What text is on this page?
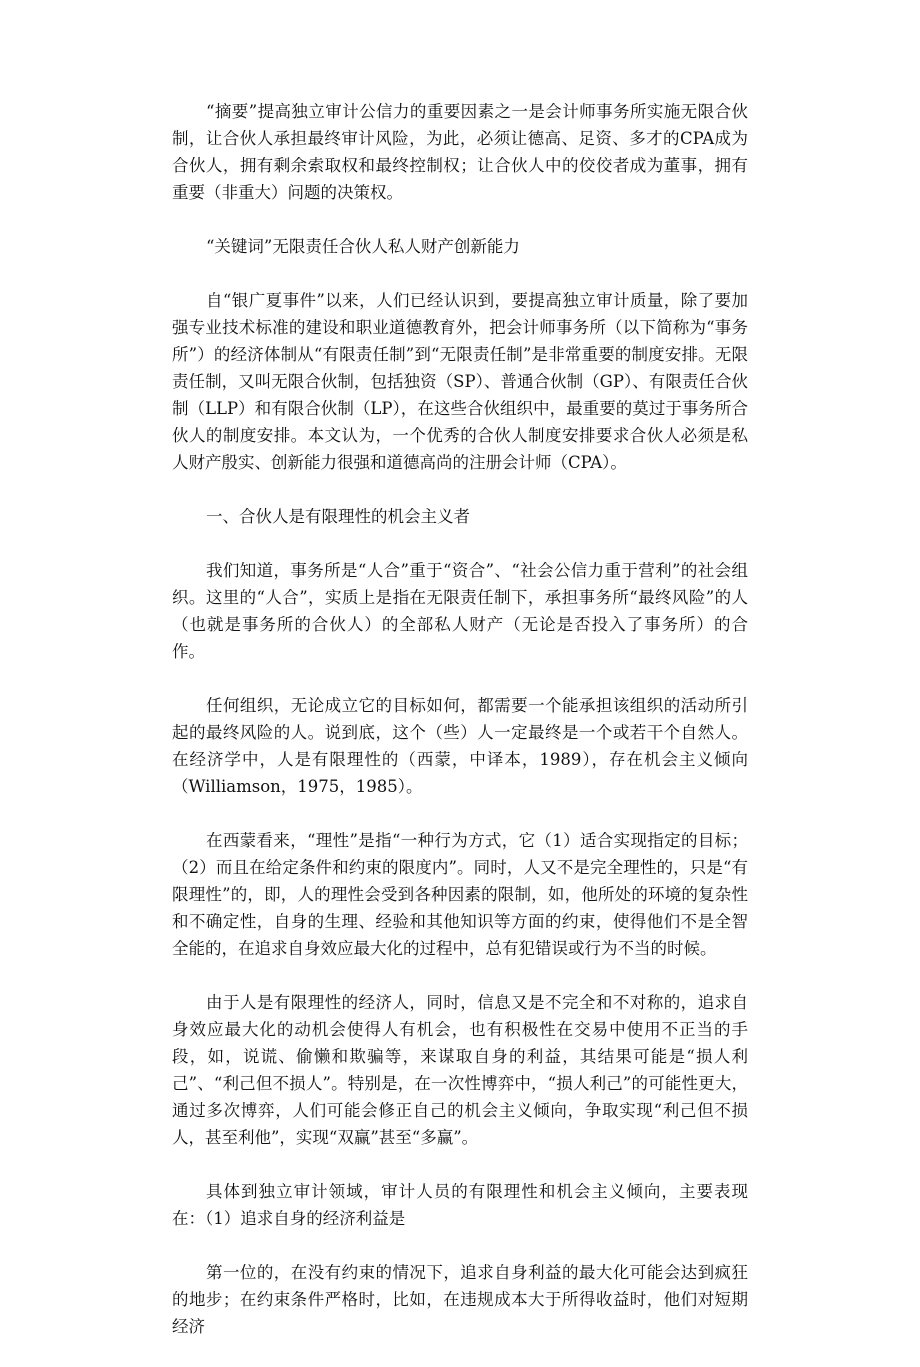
“摘要”提高独立审计公信力的重要因素之一是会计师事务所实施无限合伙制，让合伙人承担最终审计风险，为此，必须让德高、足资、多才的CPA成为合伙人，拥有剩余索取权和最终控制权；让合伙人中的佼佼者成为董事，拥有重要（非重大）问题的决策权。

“关键词”无限责任合伙人私人财产创新能力

自“银广夏事件”以来，人们已经认识到，要提高独立审计质量，除了要加强专业技术标准的建设和职业道德教育外，把会计师事务所（以下简称为“事务所”）的经济体制从“有限责任制”到“无限责任制”是非常重要的制度安排。无限责任制，又叫无限合伙制，包括独资（SP）、普通合伙制（GP）、有限责任合伙制（LLP）和有限合伙制（LP），在这些合伙组织中，最重要的莫过于事务所合伙人的制度安排。本文认为，一个优秀的合伙人制度安排要求合伙人必须是私人财产殷实、创新能力很强和道德高尚的注册会计师（CPA）。

一、合伙人是有限理性的机会主义者

我们知道，事务所是“人合”重于“资合”、“社会公信力重于营利”的社会组织。这里的“人合”，实质上是指在无限责任制下，承担事务所“最终风险”的人（也就是事务所的合伙人）的全部私人财产（无论是否投入了事务所）的合作。

任何组织，无论成立它的目标如何，都需要一个能承担该组织的活动所引起的最终风险的人。说到底，这个（些）人一定最终是一个或若干个自然人。在经济学中，人是有限理性的（西蒙，中译本，1989），存在机会主义倾向（Williamson，1975，1985）。

在西蒙看来，“理性”是指“一种行为方式，它（1）适合实现指定的目标；（2）而且在给定条件和约束的限度内”。同时，人又不是完全理性的，只是“有限理性”的，即，人的理性会受到各种因素的限制，如，他所处的环境的复杂性和不确定性，自身的生理、经验和其他知识等方面的约束，使得他们不是全智全能的，在追求自身效应最大化的过程中，总有犯错误或行为不当的时候。

由于人是有限理性的经济人，同时，信息又是不完全和不对称的，追求自身效应最大化的动机会使得人有机会，也有积极性在交易中使用不正当的手段，如，说谎、偷懒和欺骗等，来谋取自身的利益，其结果可能是“损人利己”、“利己但不损人”。特别是，在一次性博弈中，“损人利己”的可能性更大，通过多次博弈，人们可能会修正自己的机会主义倾向，争取实现“利己但不损人，甚至利他”，实现“双赢”甚至“多赢”。

具体到独立审计领域，审计人员的有限理性和机会主义倾向，主要表现在：（1）追求自身的经济利益是

第一位的，在没有约束的情况下，追求自身利益的最大化可能会达到疯狂的地步；在约束条件严格时，比如，在违规成本大于所得收益时，他们对短期经济
